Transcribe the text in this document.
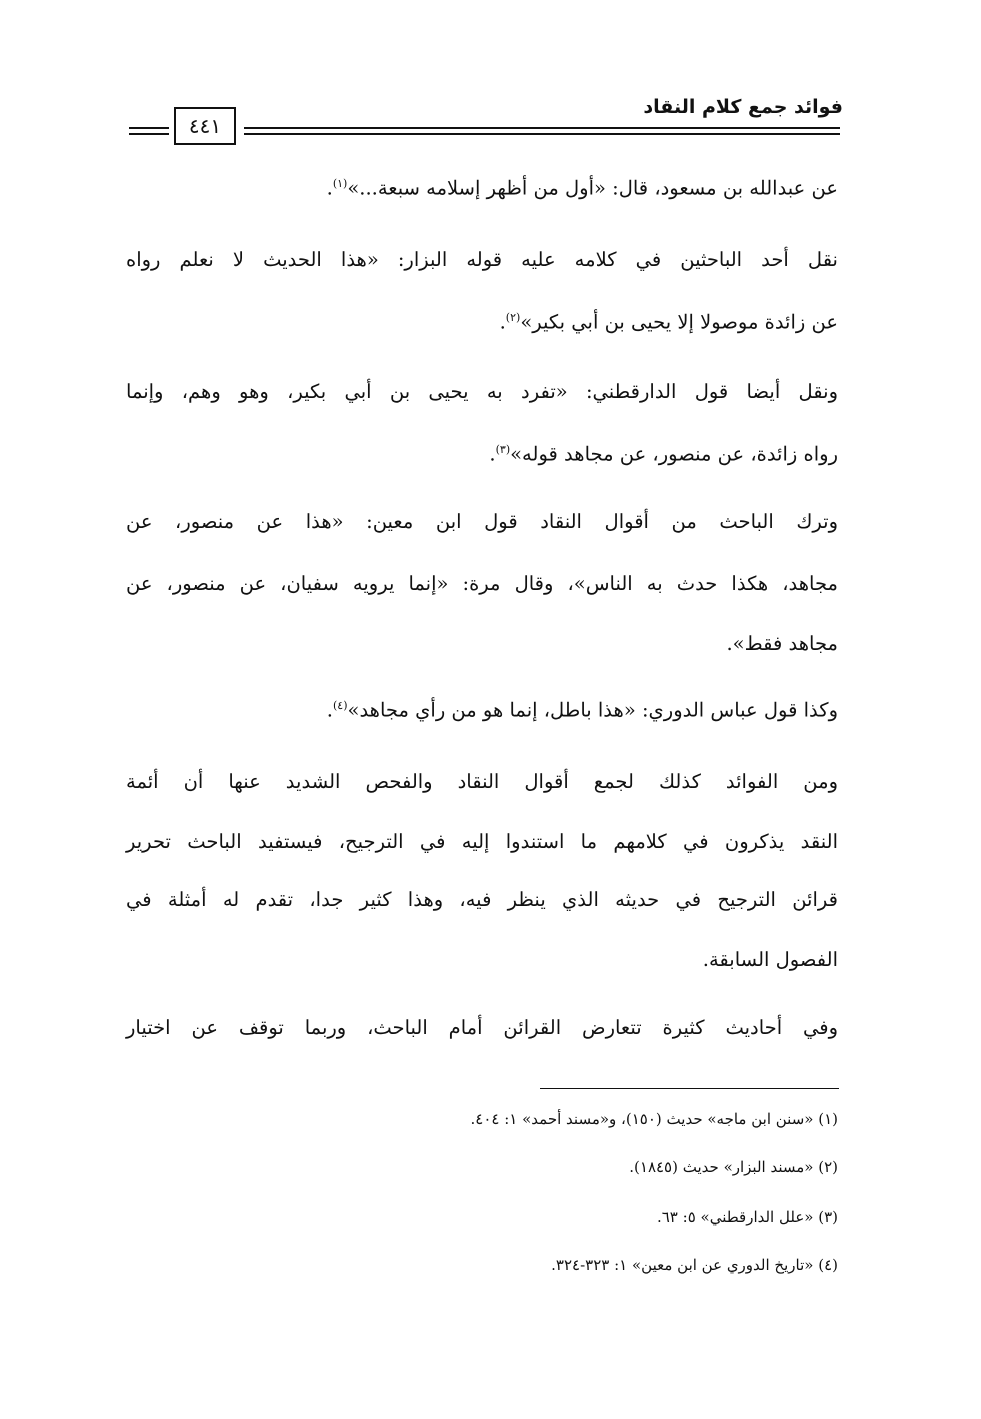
فوائد جمع كلام النقاد
٤٤١
عن عبدالله بن مسعود، قال: «أول من أظهر إسلامه سبعة...»$^{(١)}$.
نقل أحد الباحثين في كلامه عليه قوله البزار: «هذا الحديث لا نعلم رواه
عن زائدة موصولا إلا يحيى بن أبي بكير»$^{(٢)}$.
ونقل أيضا قول الدارقطني: «تفرد به يحيى بن أبي بكير، وهو وهم، وإنما
رواه زائدة، عن منصور، عن مجاهد قوله»$^{(٣)}$.
وترك الباحث من أقوال النقاد قول ابن معين: «هذا عن منصور، عن
مجاهد، هكذا حدث به الناس»، وقال مرة: «إنما يرويه سفيان، عن منصور، عن
مجاهد فقط».
وكذا قول عباس الدوري: «هذا باطل، إنما هو من رأي مجاهد»$^{(٤)}$.
ومن الفوائد كذلك لجمع أقوال النقاد والفحص الشديد عنها أن أئمة
النقد يذكرون في كلامهم ما استندوا إليه في الترجيح، فيستفيد الباحث تحرير
قرائن الترجيح في حديثه الذي ينظر فيه، وهذا كثير جدا، تقدم له أمثلة في
الفصول السابقة.
وفي أحاديث كثيرة تتعارض القرائن أمام الباحث، وربما توقف عن اختيار
(١) «سنن ابن ماجه» حديث (١٥٠)، و«مسند أحمد» ١: ٤٠٤.
(٢) «مسند البزار» حديث (١٨٤٥).
(٣) «علل الدارقطني» ٥: ٦٣.
(٤) «تاريخ الدوري عن ابن معين» ١: ٣٢٣-٣٢٤.
